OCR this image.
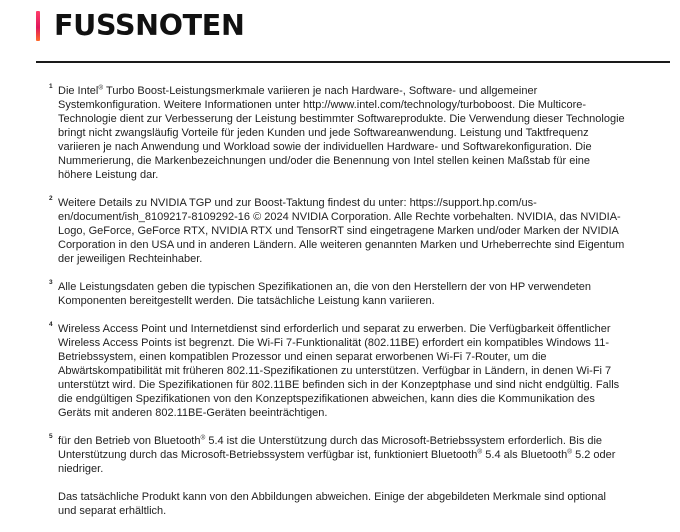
FUSSNOTEN

1 Die Intel® Turbo Boost-Leistungsmerkmale variieren je nach Hardware-, Software- und allgemeiner Systemkonfiguration. Weitere Informationen unter http://www.intel.com/technology/turboboost. Die Multicore-Technologie dient zur Verbesserung der Leistung bestimmter Softwareprodukte. Die Verwendung dieser Technologie bringt nicht zwangsläufig Vorteile für jeden Kunden und jede Softwareanwendung. Leistung und Taktfrequenz variieren je nach Anwendung und Workload sowie der individuellen Hardware- und Softwarekonfiguration. Die Nummerierung, die Markenbezeichnungen und/oder die Benennung von Intel stellen keinen Maßstab für eine höhere Leistung dar.

2 Weitere Details zu NVIDIA TGP und zur Boost-Taktung findest du unter: https://support.hp.com/us-en/document/ish_8109217-8109292-16 © 2024 NVIDIA Corporation. Alle Rechte vorbehalten. NVIDIA, das NVIDIA-Logo, GeForce, GeForce RTX, NVIDIA RTX und TensorRT sind eingetragene Marken und/oder Marken der NVIDIA Corporation in den USA und in anderen Ländern. Alle weiteren genannten Marken und Urheberrechte sind Eigentum der jeweiligen Rechteinhaber.

3 Alle Leistungsdaten geben die typischen Spezifikationen an, die von den Herstellern der von HP verwendeten Komponenten bereitgestellt werden. Die tatsächliche Leistung kann variieren.

4 Wireless Access Point und Internetdienst sind erforderlich und separat zu erwerben. Die Verfügbarkeit öffentlicher Wireless Access Points ist begrenzt. Die Wi-Fi 7-Funktionalität (802.11BE) erfordert ein kompatibles Windows 11-Betriebssystem, einen kompatiblen Prozessor und einen separat erworbenen Wi-Fi 7-Router, um die Abwärtskompatibilität mit früheren 802.11-Spezifikationen zu unterstützen. Verfügbar in Ländern, in denen Wi-Fi 7 unterstützt wird. Die Spezifikationen für 802.11BE befinden sich in der Konzeptphase und sind nicht endgültig. Falls die endgültigen Spezifikationen von den Konzeptspezifikationen abweichen, kann dies die Kommunikation des Geräts mit anderen 802.11BE-Geräten beeinträchtigen.

5 für den Betrieb von Bluetooth® 5.4 ist die Unterstützung durch das Microsoft-Betriebssystem erforderlich. Bis die Unterstützung durch das Microsoft-Betriebssystem verfügbar ist, funktioniert Bluetooth® 5.4 als Bluetooth® 5.2 oder niedriger.

Das tatsächliche Produkt kann von den Abbildungen abweichen. Einige der abgebildeten Merkmale sind optional und separat erhältlich.
